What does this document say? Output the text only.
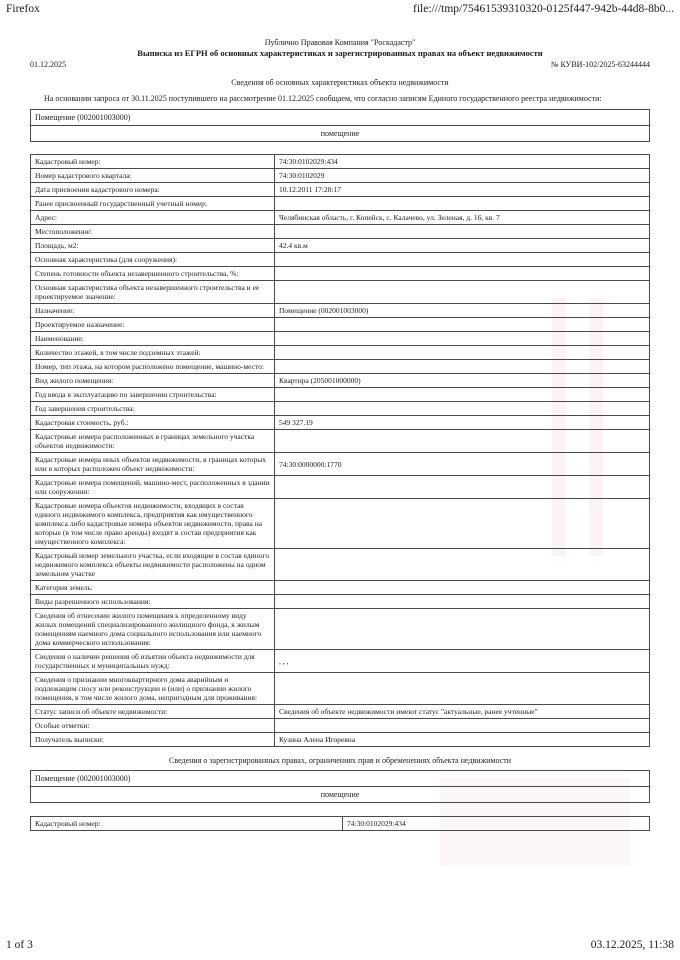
Firefox	file:///tmp/75461539310320-0125f447-942b-44d8-8b0...
Публично Правовая Компания "Роскадастр"
Выписка из ЕГРН об основных характеристиках и зарегистрированных правах на объект недвижимости
01.12.2025	№ КУВИ-102/2025-63244444
Сведения об основных характеристиках объекта недвижимости
На основании запроса от 30.11.2025 поступившего на рассмотрение 01.12.2025 сообщаем, что согласно записям Единого государственного реестра недвижимости:
Помещение (002001003000)
помещение
Кадастровый номер:	74:30:0102029:434
Номер кадастрового квартала:	74:30:0102029
Дата присвоения кадастрового номера:	10.12.2011 17:28:17
Ранее присвоенный государственный учетный номер:	
Адрес:	Челябинская область, г. Копейск, с. Калачево, ул. Зеленая, д. 16, кв. 7
Местоположение:	
Площадь, м2:	42.4 кв.м
Основная характеристика (для сооружения):	
Степень готовности объекта незавершенного строительства, %:	
Основная характеристика объекта незавершенного строительства и ее проектируемое значение:	
Назначение:	Помещение (002001003000)
Проектируемое назначение:	
Наименование:	
Количество этажей, в том числе подземных этажей:	
Номер, тип этажа, на котором расположено помещение, машино-место:	
Вид жилого помещения:	Квартира (205001000000)
Год ввода в эксплуатацию по завершении строительства:	
Год завершения строительства:	
Кадастровая стоимость, руб.:	549 327.19
Кадастровые номера расположенных в границах земельного участка объектов недвижимости:	
Кадастровые номера иных объектов недвижимости, в границах которых или в которых расположен объект недвижимости:	74:30:0000000:1770
Кадастровые номера помещений, машино-мест, расположенных в здании или сооружении:	
Кадастровые номера объектов недвижимости, входящих в состав единого недвижимого комплекса, предприятия как имущественного комплекса либо кадастровые номера объектов недвижимости, права на которые (в том числе право аренды) входят в состав предприятия как имущественного комплекса:	
Кадастровый номер земельного участка, если входящие в состав единого недвижимого комплекса объекты недвижимости расположены на одном земельном участке	
Категория земель:	
Виды разрешенного использования:	
Сведения об отнесении жилого помещения к определенному виду жилых помещений специализированного жилищного фонда, к жилым помещениям наемного дома социального использования или наемного дома коммерческого использования:	
Сведения о наличии решения об изъятии объекта недвижимости для государственных и муниципальных нужд:	, , ,
Сведения о признании многоквартирного дома аварийным и подлежащим сносу или реконструкции и (или) о признании жилого помещения, в том числе жилого дома, непригодным для проживания:	
Статус записи об объекте недвижимости:	Сведения об объекте недвижимости имеют статус "актуальные, ранее учтенные"
Особые отметки:	
Получатель выписки:	Кузина Алена Игоревна
Сведения о зарегистрированных правах, ограничениях прав и обременениях объекта недвижимости
Помещение (002001003000)
помещение
Кадастровый номер:	74:30:0102029:434
1 of 3	03.12.2025, 11:38
